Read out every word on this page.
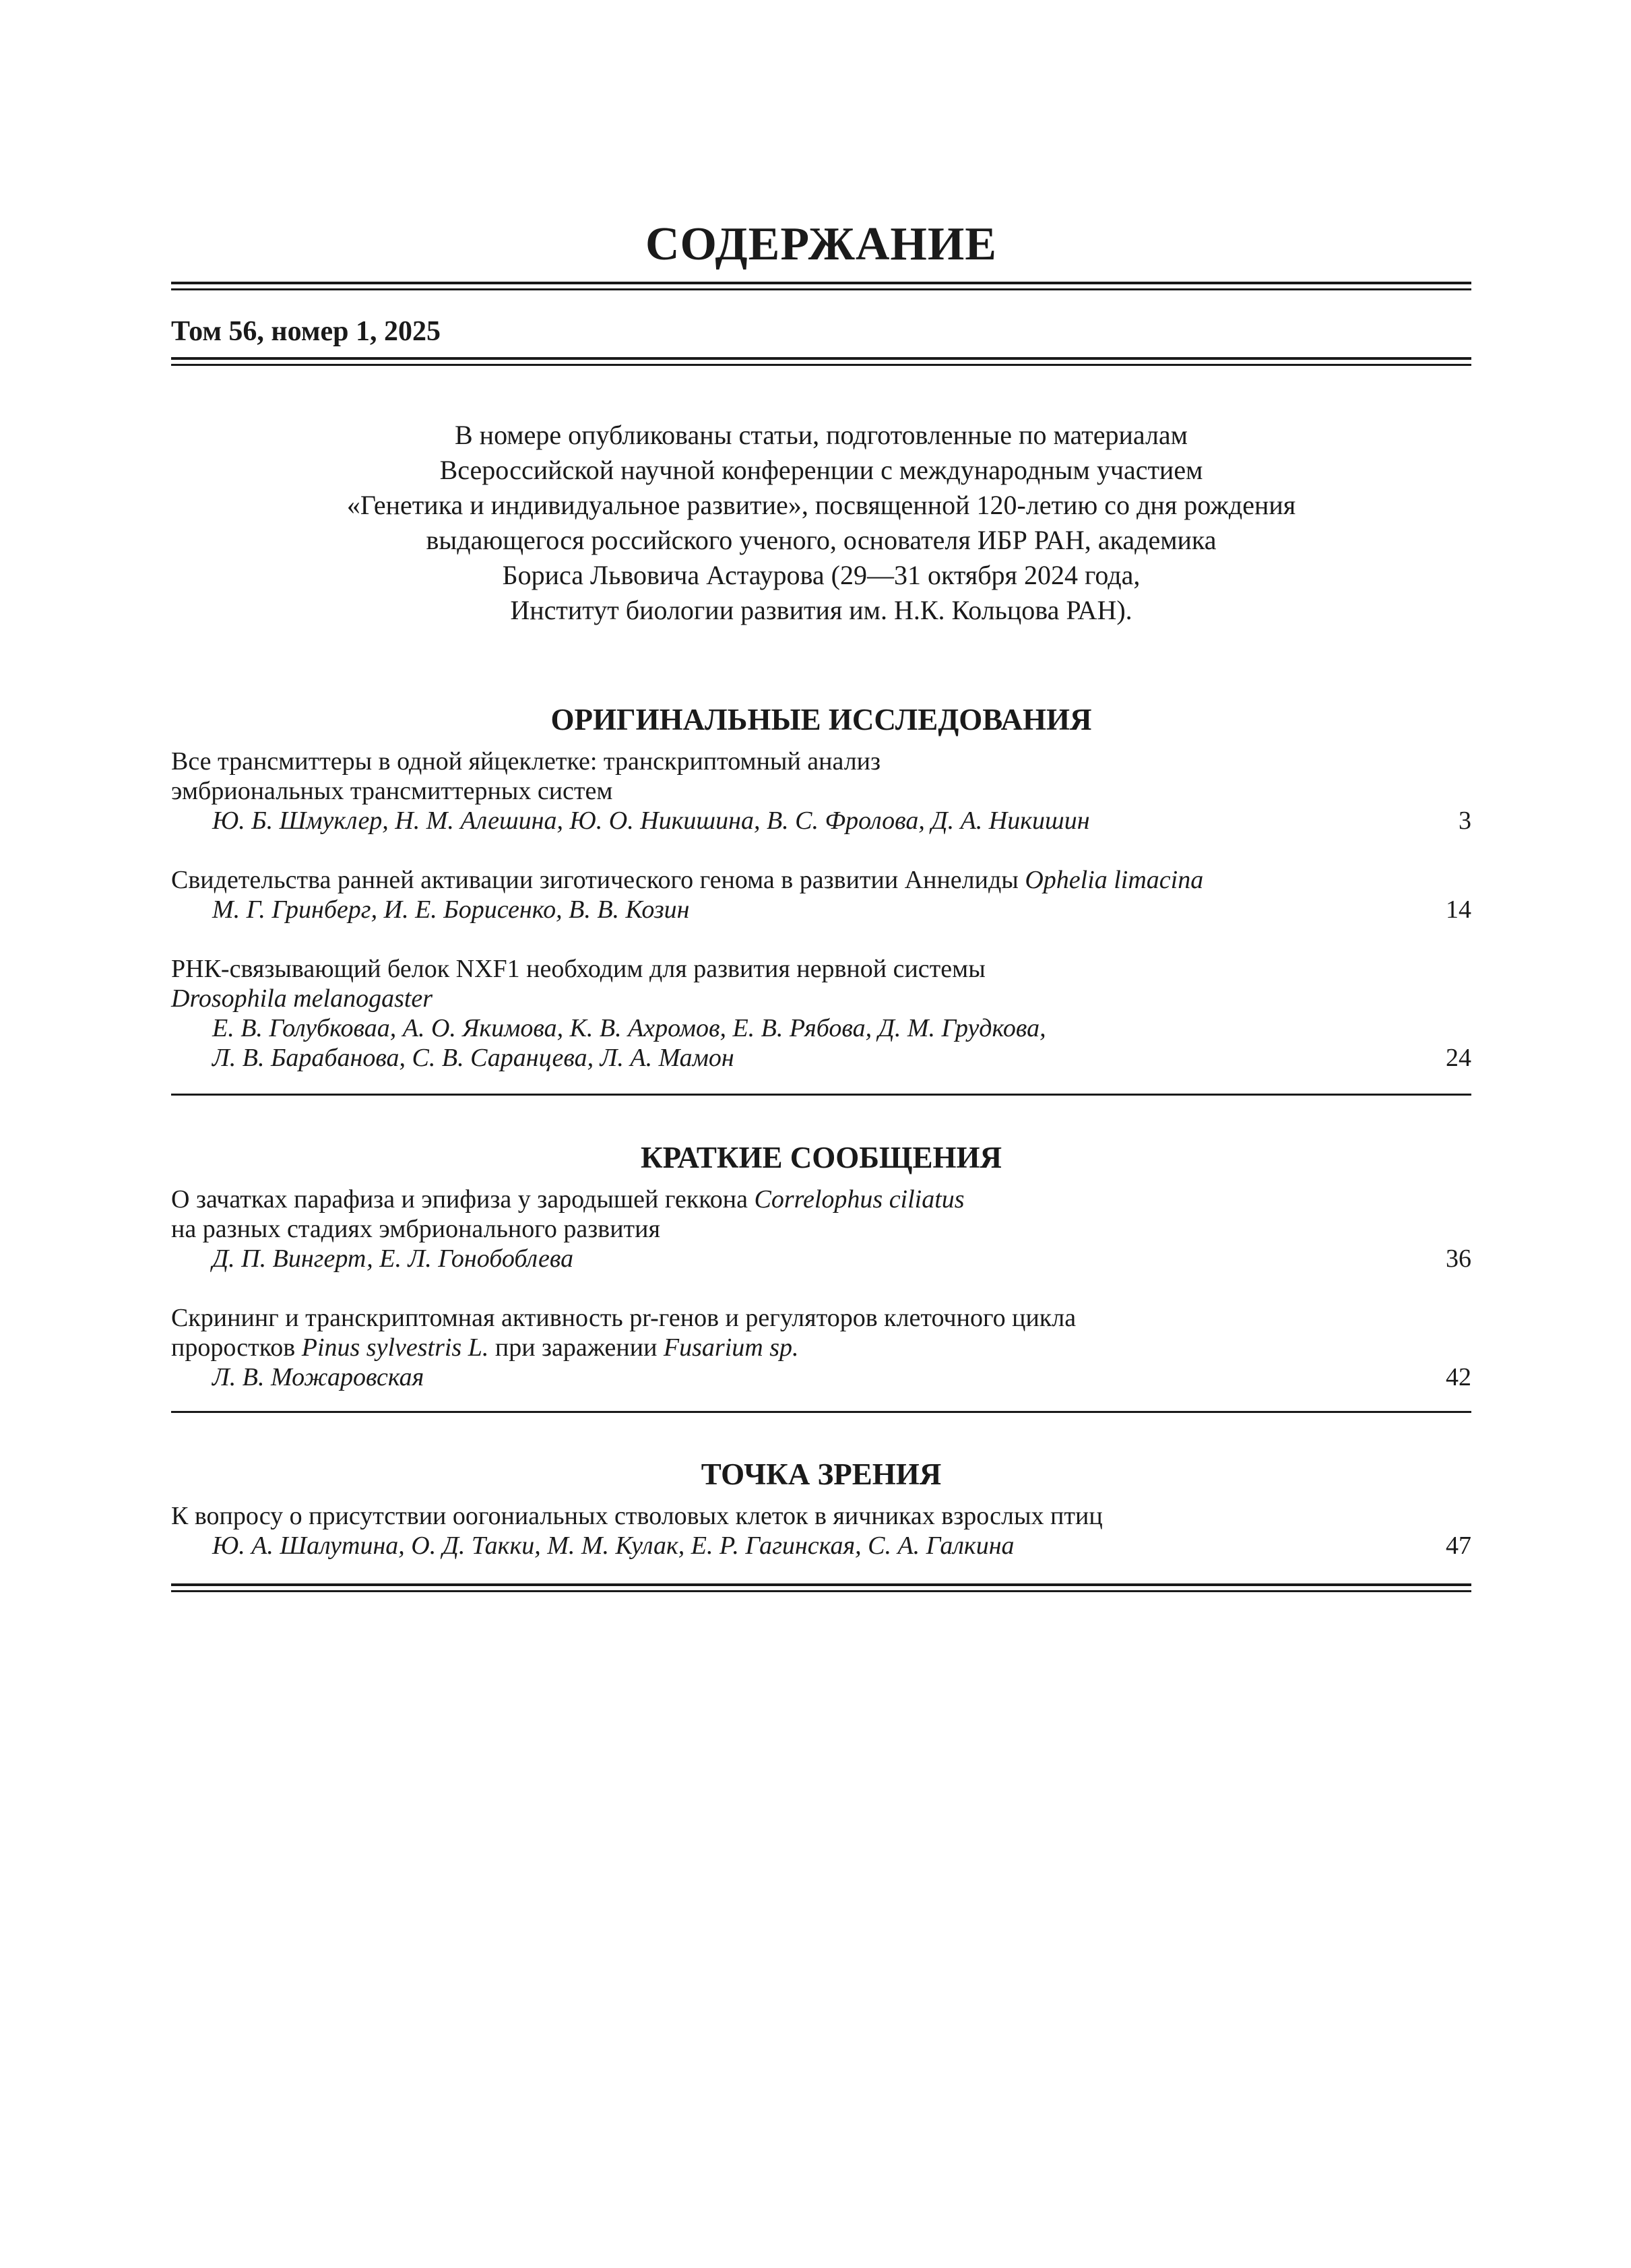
СОДЕРЖАНИЕ
Том 56, номер 1, 2025
В номере опубликованы статьи, подготовленные по материалам
Всероссийской научной конференции с международным участием
«Генетика и индивидуальное развитие», посвященной 120-летию со дня рождения
выдающегося российского ученого, основателя ИБР РАН, академика
Бориса Львовича Астаурова (29—31 октября 2024 года,
Институт биологии развития им. Н.К. Кольцова РАН).
ОРИГИНАЛЬНЫЕ ИССЛЕДОВАНИЯ
Все трансмиттеры в одной яйцеклетке: транскриптомный анализ
эмбриональных трансмиттерных систем
Ю. Б. Шмуклер, Н. М. Алешина, Ю. О. Никишина, В. С. Фролова, Д. А. Никишин	3
Свидетельства ранней активации зиготического генома в развитии Аннелиды Ophelia limacina
М. Г. Гринберг, И. Е. Борисенко, В. В. Козин	14
РНК-связывающий белок NXF1 необходим для развития нервной системы
Drosophila melanogaster
Е. В. Голубковаа, А. О. Якимова, К. В. Ахромов, Е. В. Рябова, Д. М. Грудкова,
Л. В. Барабанова, С. В. Саранцева, Л. А. Мамон	24
КРАТКИЕ СООБЩЕНИЯ
О зачатках парафиза и эпифиза у зародышей геккона Correlophus ciliatus
на разных стадиях эмбрионального развития
Д. П. Вингерт, Е. Л. Гонобоблева	36
Скрининг и транскриптомная активность pr-генов и регуляторов клеточного цикла
проростков Pinus sylvestris L. при заражении Fusarium sp.
Л. В. Можаровская	42
ТОЧКА ЗРЕНИЯ
К вопросу о присутствии оогониальных стволовых клеток в яичниках взрослых птиц
Ю. А. Шалутина, О. Д. Такки, М. М. Кулак, Е. Р. Гагинская, С. А. Галкина	47
